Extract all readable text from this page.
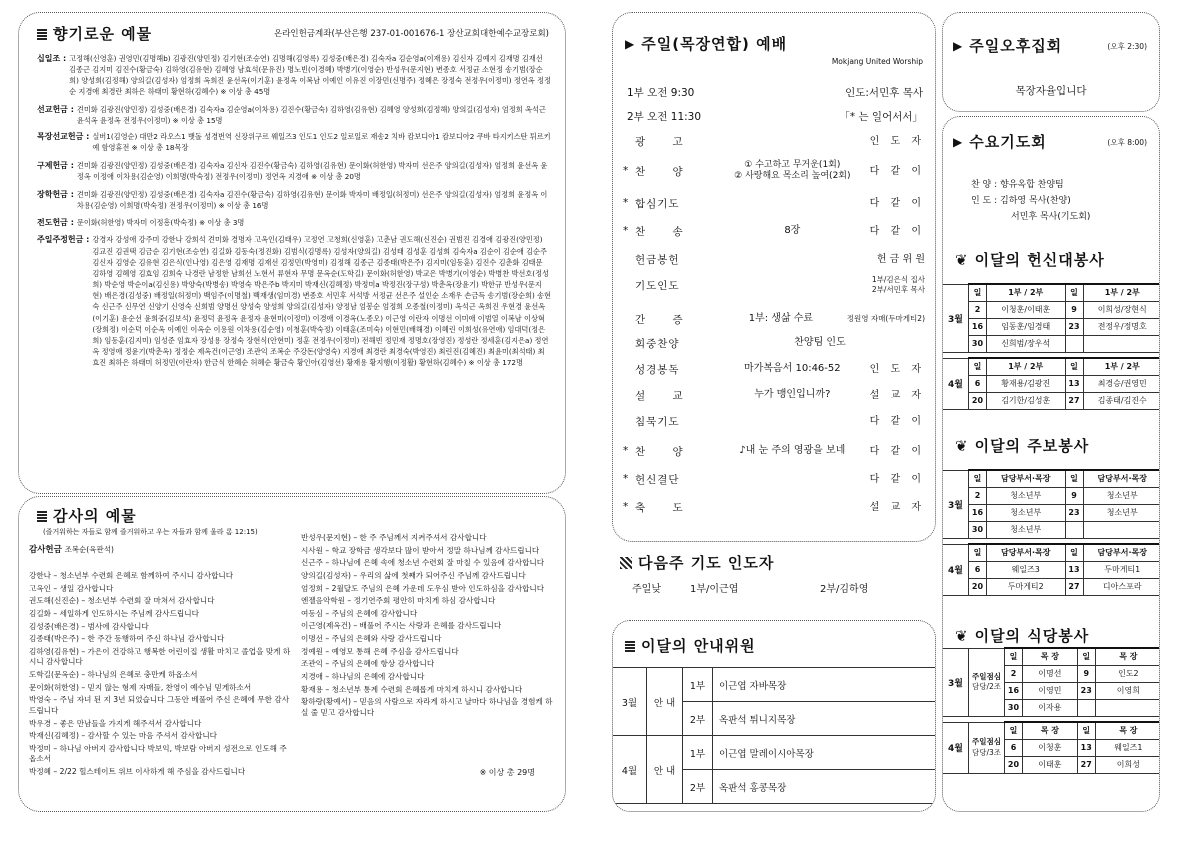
향기로운 예물	온라인헌금계좌(부산은행 237-01-001676-1 장산교회대한예수교장로회)
십일조 : 고정해(신영훈) 권영민(김명해b) 김광진(양민정) 김기현(조승연) 김명해(김영록) 김성중(배은경) 김숙자a 김순영a(이재용) 김신자 김예지 김재명 김재선 김종근 김지미 김진수(황금숙) 김하영(김유현) 김혜영 남효석(문유진) 명노빈(이경혜) 박병기(이영순) 반성우(문지현) 변종호 서정균 소현정 송기범(장순희) 양성희(김정해) 양의길(김성자) 엄정희 옥희진 윤선옥(이기훈) 윤정옥 이복남 이예인 이유진 이장민(신명주) 정혜은 장정숙 전정우(이정미) 정연옥 정정순 지경애 최경란 최하은 하태미 황현하(김혜수) ※ 이상 총 45명
선교헌금 : 견미화 김광진(양민정) 김성중(배은경) 김숙자a 김순영a(이차용) 김진수(황금숙) 김하영(김유현) 김혜영 양성희(김정해) 양의길(김성자) 엄정희 옥석근 윤석옥 윤정옥 전정우(이정미) ※ 이상 총 15명
목장선교헌금 : 실버1(김영순) 대만2 라오스1 뱃돌 성경번역 신장위구르 웨일즈3 인도1 인도2 일로일로 재송2 치바 캄보디아1 캄보디아2 쿠바 타지키스탄 튀르키예 함영휴전 ※ 이상 총 18목장
구제헌금 : 견미화 김광진(양민정) 김성중(배은경) 김숙자a 김신자 김진수(황금숙) 김하영(김유현) 문이화(허한영) 박자미 선은주 양의길(김성자) 엄정희 윤선옥 윤정옥 이정애 이차용(김순영) 이희명(박숙정) 전정우(이정미) 정연옥 지경애 ※ 이상 총 20명
장학헌금 : 견미화 김광진(양민정) 김성중(배은경) 김숙자a 김진수(황금숙) 김하영(김유현) 문이화 박자미 배정일(허정미) 선은주 양의길(김성자) 엄정희 윤정옥 이차용(김순영) 이희명(박숙정) 전정우(이정미) ※ 이상 총 16명
전도헌금 : 문이화(허한영) 박자미 이정흥(박숙정) ※ 이상 총 3명
주일주정헌금 : 강경자 강성애 강주미 강한나 강희석 견미화 경명자 고옥인(김태우) 고정연 고청희(신영훈) 고춘남 권도해(신진순) 권범진 김경애 김광진(양민정) 김교진 김권택 김금순 김기현(조승연) 김길화 김동숙(정진화) 김범식(김명록) 김성자(양의길) 김성태 김성훈 김성희 김숙자a 김순이 김순애 김순주 김신자 김영순 김유현 김은식(인나영) 김은영 김재명 김재선 김정민(박영미) 김정해 김종근 김종태(박은주) 김지미(임동훈) 김진수 김춘화 김태문 김하영 김혜영 김효임 김희숙 나경란 남정한 남희선 노현서 류현자 무명 문옥순(도학길) 문이화(허한영) 박교은 박병기(이영순) 박병찬 박선호(정성희) 박순영 박순이a(김신용) 박양숙(박병송) 박영숙 박은주b 박지미 박재신(김혜정) 박정미a 박정진(장구성) 박춘옥(장윤기) 박한규 반성우(문지현) 배은경(김성중) 배정일(허정미) 백임주(이명철) 백재생(임미경) 변종호 서민후 서석방 서정균 선은주 설인순 소재우 손금득 송기범(장순희) 송현숙 신근주 신무연 신양기 신영숙 신희범 양명선 양성숙 양성희 양의길(김성자) 양정남 엄봉순 엄정희 오종철(이정미) 옥석근 옥희진 우현경 윤선옥(이기훈) 윤순선 윤희중(김보석) 윤정덕 윤정옥 윤정자 윤현미(이정미) 이경애 이경옥(노종오) 이근영 이란자 이명선 이미애 이범열 이복남 이상혁(장희정) 이순덕 이순옥 이예인 이옥순 이용원 이차용(김순영) 이청훈(박숙정) 이태훈(조미숙) 이현민(배해경) 이혜린 이희성(유연애) 임대덕(정은희) 임동훈(김지미) 임성준 임효자 장성용 장정숙 장현식(안현미) 정훈 전정우(이정미) 전해빈 정민재 정명호(장영진) 정성란 정세훈(김지은a) 정연옥 정영애 정윤기(박춘옥) 정정순 제옥건(이근영) 조관익 조복순 주강돈(양영숙) 지경애 최경란 최경숙(박영진) 최린진(김혜진) 최윤미(최석태) 최효진 최하은 하태미 허정민(이란자) 한금식 한혜순 허혜순 황금숙 황인아(김영선) 황재용 황지행(이정활) 황현하(김혜수) ※ 이상 총 172명
감사의 예물
(즐거워하는 자들로 함께 즐거워하고 우는 자들과 함께 울라 롬 12:15)
감사헌금 조복순(육판석)
강한나 – 청소년부 수련회 은혜로 함께하여 주시니 감사합니다
고옥인 – 생일 감사합니다
권도해(신진순) – 청소년부 수련회 잘 마쳐서 감사합니다
김길화 – 세일하게 인도하시는 주님께 감사드립니다
김성중(배은경) – 범사에 감사합니다
김종태(박은주) – 한 주간 동행하여 주신 하나님 감사합니다
김하영(김유현) – 가은이 건강하고 행복한 어린이집 생활 마치고 졸업을 맞게 하시니 감사합니다
도학길(문옥순) – 하나님의 은혜로 충만케 하옵소서
문이화(허한영) – 믿지 않는 형제 자매들, 찬영이 예수님 믿게하소서
박영숙 – 주님 자녀 된 지 3년 되었습니다 그동안 베풀어 주신 은혜에 무한 감사드립니다
박우경 – 좋은 만남들을 가지게 해주셔서 감사합니다
박재신(김혜정) – 감사할 수 있는 마음 주셔서 감사합니다
박정미 – 하나님 아버지 감사합니다 박보익, 박보람 아버지 성전으로 인도해 주옵소서
박정혜 – 2/22 힐스테이트 위브 이사하게 해 주심을 감사드립니다
반성우(문지현) – 한 주 주님께서 지켜주셔서 감사합니다
시사원 – 학교 장학금 생각보다 많이 받아서 정말 하나님께 감사드립니다
신근주 – 하나님에 은혜 속에 청소년 수련회 잘 마칠 수 있음에 감사합니다
양의길(김성자) – 우리의 삶에 첫째가 되어주신 주님께 감사드립니다
엄정희 – 2월달도 주님의 은혜 가운데 도우심 받아 인도하심을 감사합니다
엔젤음악학원 – 정기연주회 평안히 마치게 하심 감사합니다
여동심 – 주님의 은혜에 감사합니다
이근영(제옥건) – 배풀어 주시는 사랑과 은혜를 감사드립니다
이명선 – 주님의 은혜와 사랑 감사드립니다
정예원 – 예영모 통해 은혜 주심을 감사드립니다
조관익 – 주님의 은혜에 항상 감사합니다
지경애 – 하나님의 은혜에 감사합니다
황재용 – 청소년부 통계 수련회 은혜롭게 마치게 하시니 감사합니다
황하랑(황예서) – 믿음의 사람으로 자라게 하시고 날마다 하나님을 경험케 하실 줄 믿고 감사합니다
※ 이상 총 29명
▶ 주일(목장연합) 예배
Mokjang United Worship
1부 오전 9:30	인도:서민후 목사
2부 오전 11:30	「* 는 일어서서」
광 고	인 도 자
* 찬 양
① 수고하고 무거운(1회)
② 사랑해요 목소리 높여(2회)	다 같 이
* 합심기도	다 같 이
* 찬 송	8장	다 같 이
헌금봉헌	헌 금 위 원
기도인도	1부/김은식 집사
2부/서민후 목사
간 증	1부: 생삶 수료	정원영 자매(두마게티2)
회중찬양	찬양팀 인도
성경봉독	마가복음서 10:46-52	인 도 자
설 교	누가 맹인입니까?	설 교 자
침묵기도	다 같 이
* 찬 양	♪내 눈 주의 영광을 보네	다 같 이
* 헌신결단	다 같 이
* 축 도	설 교 자
다음주 기도 인도자
주일낮	1부/이근엽	2부/김하영
이달의 안내위원
3월	안 내	1부	이근엽 자바목장
		2부	옥판석 튀니지목장
4월	안 내	1부	이근엽 말레이시아목장
		2부	옥판석 홍콩목장
▶ 주일오후집회	(오후 2:30)
목장자율입니다
▶ 수요기도회	(오후 8:00)
찬 양 : 향유옥합 찬양팀
인 도 : 김하영 목사(찬양)
서민후 목사(기도회)
❦ 이달의 헌신대봉사
3월	일	1부 / 2부	일	1부 / 2부
	2	이청훈/이태훈	9	이희성/장현식
	16	임동훈/임경태	23	전정우/정명호
	30	신희범/장우석		

4월	일	1부 / 2부	일	1부 / 2부
	6	황재용/김광진	13	최경승/권영민
	20	김기한/김성훈	27	김종태/김진수
❦ 이달의 주보봉사
3월	일	담당부서·목장	일	담당부서·목장
	2	청소년부	9	청소년부
	16	청소년부	23	청소년부
	30	청소년부		

4월	일	담당부서·목장	일	담당부서·목장
	6	웨일즈3	13	두마게티1
	20	두마게티2	27	디아스포라
❦ 이달의 식당봉사
3월	주일점심
담당/2조	일	목 장	일	목 장
		2	이명선	9	인도2
		16	이영민	23	이영희
		30	이자용		

4월	주일점심
담당/3조	일	목 장	일	목 장
		6	이청훈	13	웨일즈1
		20	이태훈	27	이희성
